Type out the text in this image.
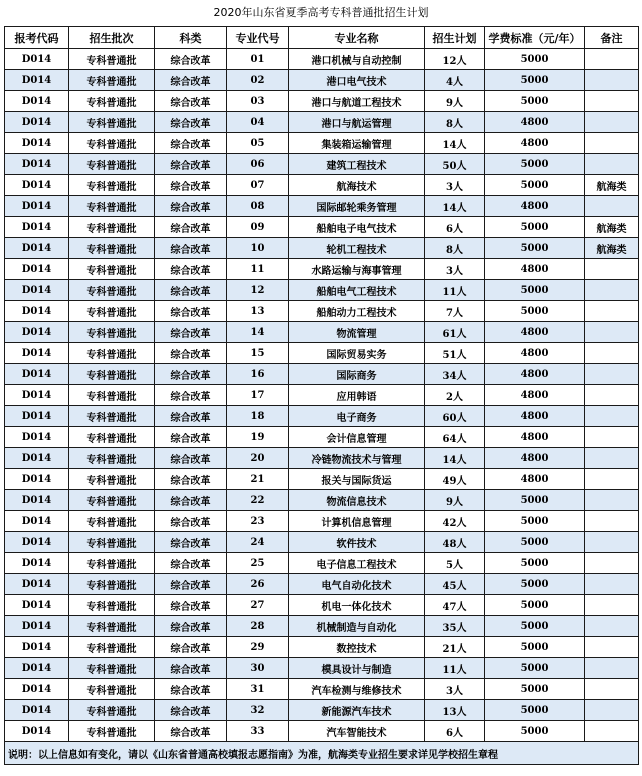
2020年山东省夏季高考专科普通批招生计划
报考代码	招生批次	科类	专业代号	专业名称	招生计划	学费标准（元/年）	备注
D014	专科普通批	综合改革	01	港口机械与自动控制	12人	5000	
D014	专科普通批	综合改革	02	港口电气技术	4人	5000	
D014	专科普通批	综合改革	03	港口与航道工程技术	9人	5000	
D014	专科普通批	综合改革	04	港口与航运管理	8人	4800	
D014	专科普通批	综合改革	05	集装箱运输管理	14人	4800	
D014	专科普通批	综合改革	06	建筑工程技术	50人	5000	
D014	专科普通批	综合改革	07	航海技术	3人	5000	航海类
D014	专科普通批	综合改革	08	国际邮轮乘务管理	14人	4800	
D014	专科普通批	综合改革	09	船舶电子电气技术	6人	5000	航海类
D014	专科普通批	综合改革	10	轮机工程技术	8人	5000	航海类
D014	专科普通批	综合改革	11	水路运输与海事管理	3人	4800	
D014	专科普通批	综合改革	12	船舶电气工程技术	11人	5000	
D014	专科普通批	综合改革	13	船舶动力工程技术	7人	5000	
D014	专科普通批	综合改革	14	物流管理	61人	4800	
D014	专科普通批	综合改革	15	国际贸易实务	51人	4800	
D014	专科普通批	综合改革	16	国际商务	34人	4800	
D014	专科普通批	综合改革	17	应用韩语	2人	4800	
D014	专科普通批	综合改革	18	电子商务	60人	4800	
D014	专科普通批	综合改革	19	会计信息管理	64人	4800	
D014	专科普通批	综合改革	20	冷链物流技术与管理	14人	4800	
D014	专科普通批	综合改革	21	报关与国际货运	49人	4800	
D014	专科普通批	综合改革	22	物流信息技术	9人	5000	
D014	专科普通批	综合改革	23	计算机信息管理	42人	5000	
D014	专科普通批	综合改革	24	软件技术	48人	5000	
D014	专科普通批	综合改革	25	电子信息工程技术	5人	5000	
D014	专科普通批	综合改革	26	电气自动化技术	45人	5000	
D014	专科普通批	综合改革	27	机电一体化技术	47人	5000	
D014	专科普通批	综合改革	28	机械制造与自动化	35人	5000	
D014	专科普通批	综合改革	29	数控技术	21人	5000	
D014	专科普通批	综合改革	30	模具设计与制造	11人	5000	
D014	专科普通批	综合改革	31	汽车检测与维修技术	3人	5000	
D014	专科普通批	综合改革	32	新能源汽车技术	13人	5000	
D014	专科普通批	综合改革	33	汽车智能技术	6人	5000	
说明：以上信息如有变化，请以《山东省普通高校填报志愿指南》为准，航海类专业招生要求详见学校招生章程							
